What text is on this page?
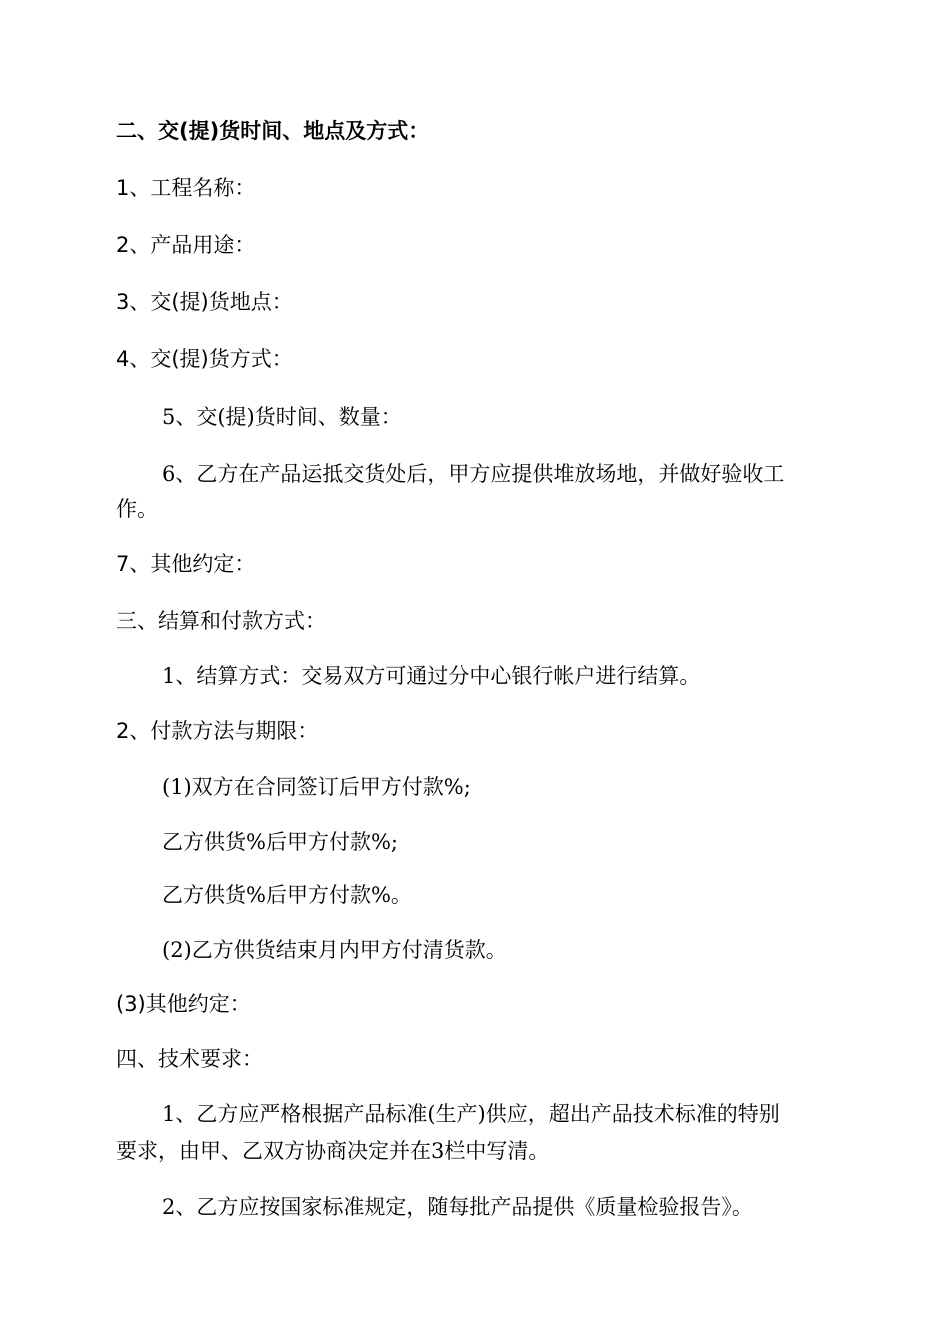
二、交(提)货时间、地点及方式：
1、工程名称：
2、产品用途：
3、交(提)货地点：
4、交(提)货方式：
5、交(提)货时间、数量：
6、乙方在产品运抵交货处后，甲方应提供堆放场地，并做好验收工
作。
7、其他约定：
三、结算和付款方式：
1、结算方式：交易双方可通过分中心银行帐户进行结算。
2、付款方法与期限：
(1)双方在合同签订后甲方付款%;
乙方供货%后甲方付款%;
乙方供货%后甲方付款%。
(2)乙方供货结束月内甲方付清货款。
(3)其他约定：
四、技术要求：
1、乙方应严格根据产品标准(生产)供应，超出产品技术标准的特别
要求，由甲、乙双方协商决定并在3栏中写清。
2、乙方应按国家标准规定，随每批产品提供《质量检验报告》。
